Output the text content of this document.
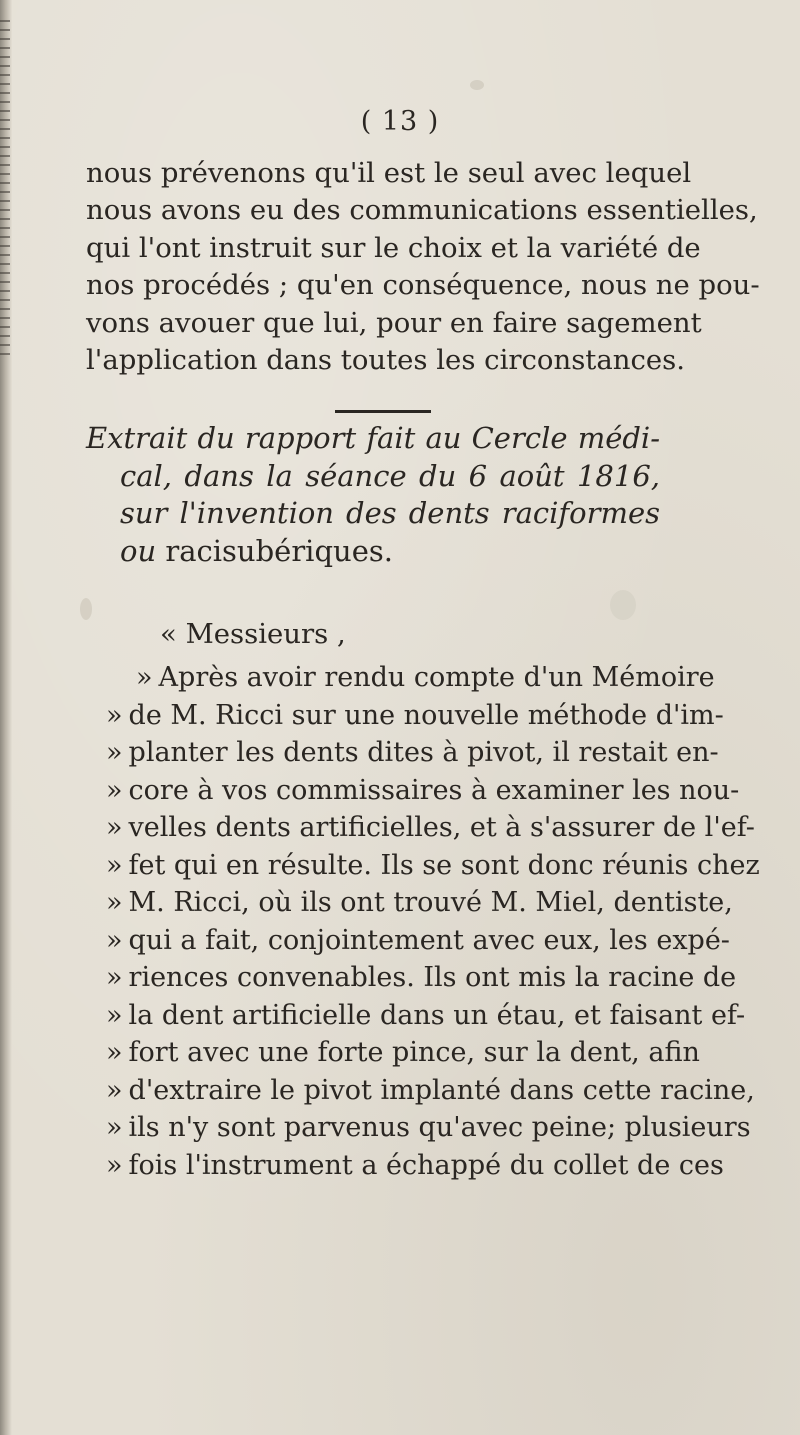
( 13 )
nous prévenons qu'il est le seul avec lequel
nous avons eu des communications essentielles,
qui l'ont instruit sur le choix et la variété de
nos procédés ; qu'en conséquence, nous ne pou-
vons avouer que lui, pour en faire sagement
l'application dans toutes les circonstances.
Extrait du rapport fait au Cercle médi-
cal, dans la séance du 6 août 1816,
sur l'invention des dents raciformes
ou racisubériques.
« Messieurs ,
» Après avoir rendu compte d'un Mémoire
» de M. Ricci sur une nouvelle méthode d'im-
» planter les dents dites à pivot, il restait en-
» core à vos commissaires à examiner les nou-
» velles dents artificielles, et à s'assurer de l'ef-
» fet qui en résulte. Ils se sont donc réunis chez
» M. Ricci, où ils ont trouvé M. Miel, dentiste,
» qui a fait, conjointement avec eux, les expé-
» riences convenables. Ils ont mis la racine de
» la dent artificielle dans un étau, et faisant ef-
» fort avec une forte pince, sur la dent, afin
» d'extraire le pivot implanté dans cette racine,
» ils n'y sont parvenus qu'avec peine; plusieurs
» fois l'instrument a échappé du collet de ces
